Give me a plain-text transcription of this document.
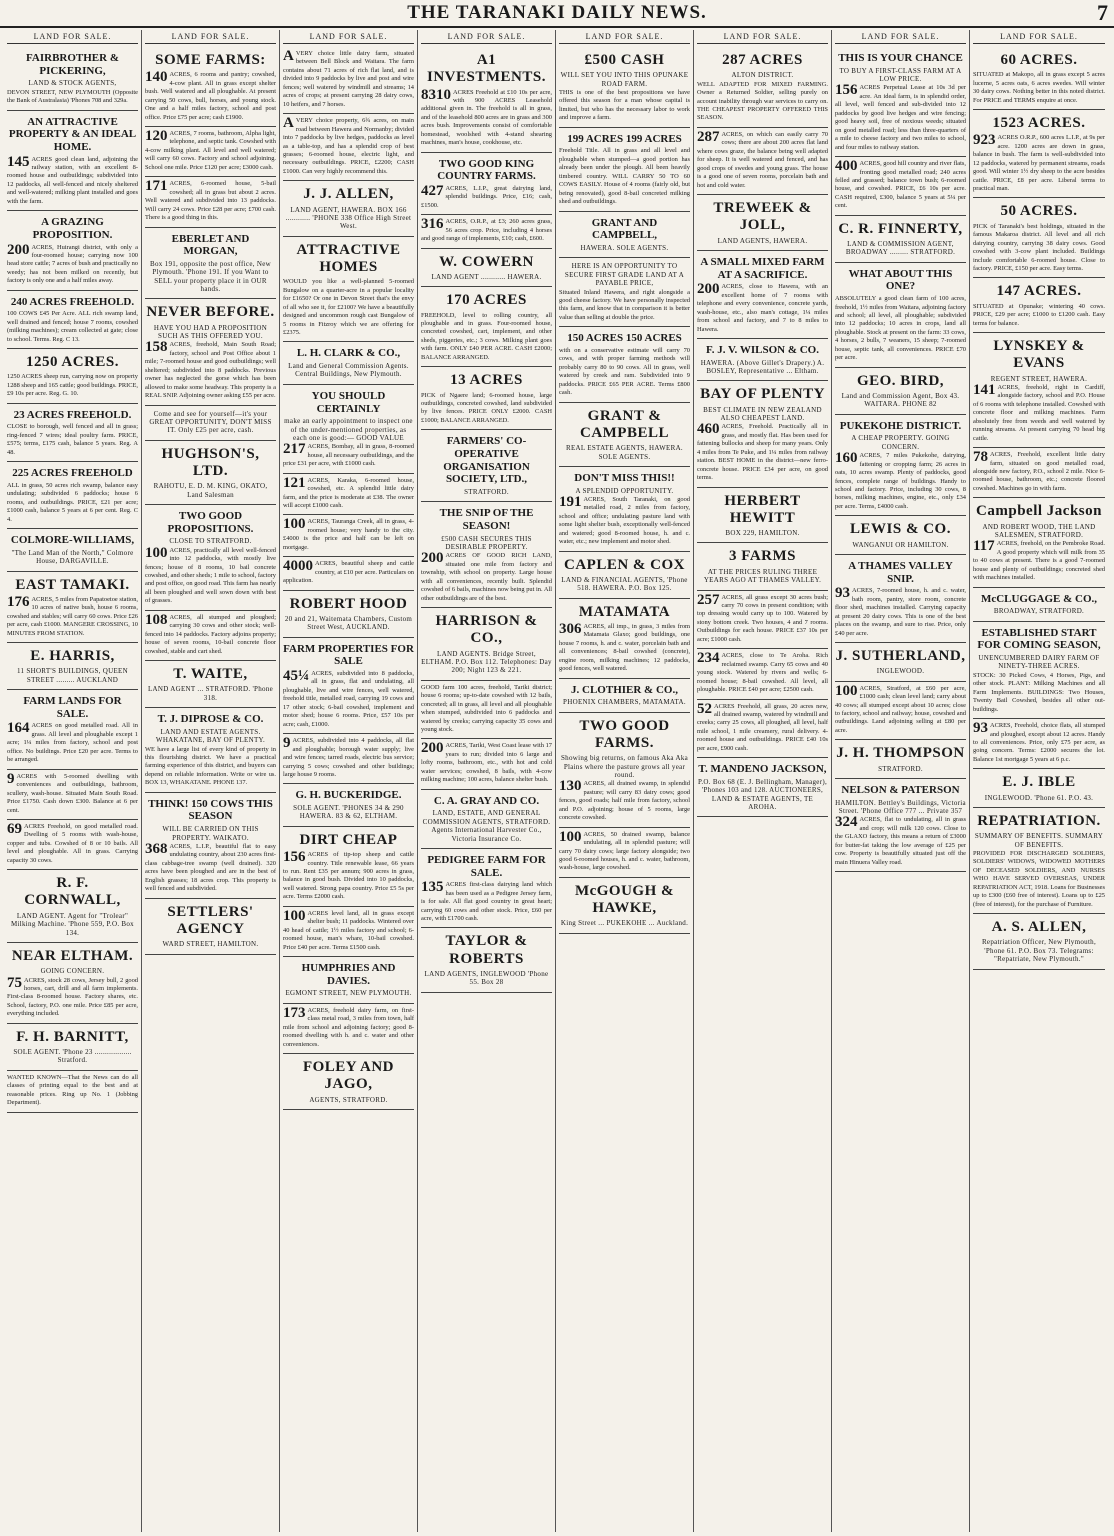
THE TARANAKI DAILY NEWS.	7
LAND FOR SALE.
FAIRBROTHER & PICKERING,
LAND & STOCK AGENTS,

DEVON STREET, NEW PLYMOUTH (Opposite the Bank of Australasia) 'Phones 708 and 329a.

AN ATTRACTIVE PROPERTY & AN IDEAL HOME.

145 ACRES good clean land, adjoining the railway station, with an excellent 8-roomed house and outbuildings; subdivided into 12 paddocks, all well-fenced and nicely sheltered and well-watered; milking plant installed and goes with the farm.

A GRAZING PROPOSITION.

200 ACRES, Huirangi district, with only a four-roomed house; carrying now 100 head store cattle; 7 acres of bush and practically no weedy; has not been milked on recently, but factory is only one and a half miles away.

240 ACRES FREEHOLD.

100 COWS £45 Per Acre. ALL rich swamp land, well drained and fenced; house 7 rooms, cowshed (milking machines); cream collected at gate; close to school. Terms. Reg. C 13.

1250 ACRES.

1250 ACRES sheep run, carrying now on property 1288 sheep and 165 cattle; good buildings. PRICE, £9 10s per acre. Reg. G. 10.

23 ACRES FREEHOLD.

CLOSE to borough, well fenced and all in grass; ring-fenced 7 wires; ideal poultry farm. PRICE, £575; terms, £175 cash, balance 5 years. Reg. A 48.

225 ACRES FREEHOLD

ALL in grass, 50 acres rich swamp, balance easy undulating; subdivided 6 paddocks; house 6 rooms, and outbuildings. PRICE, £21 per acre; £1000 cash, balance 5 years at 6 per cent. Reg. C 4.

COLMORE-WILLIAMS,
"The Land Man of the North," Colmore House, DARGAVILLE.
EAST TAMAKI.

176 ACRES, 5 miles from Papatoetoe station, 10 acres of native bush, house 6 rooms, cowshed and stables; will carry 60 cows. Price £26 per acre, cash £1000. MANGERE CROSSING, 10 MINUTES FROM STATION.

E. HARRIS,
11 SHORT'S BUILDINGS, QUEEN STREET ......... AUCKLAND
FARM LANDS FOR SALE.

164 ACRES on good metalled road. All in grass. All level and ploughable except 1 acre; 1¼ miles from factory, school and post office. No buildings. Price £20 per acre. Terms to be arranged.

9 ACRES with 5-roomed dwelling with conveniences and outbuildings, bathroom, scullery, wash-house. Situated Main South Road. Price £1750. Cash down £300. Balance at 6 per cent.

69 ACRES Freehold, on good metalled road. Dwelling of 5 rooms with wash-house, copper and tubs. Cowshed of 8 or 10 bails. All level and ploughable. All in grass. Carrying capacity 30 cows.

R. F. CORNWALL,
LAND AGENT. Agent for "Trolear" Milking Machine. 'Phone 559, P.O. Box 134.
NEAR ELTHAM.
GOING CONCERN.

75 ACRES, stock 28 cows, Jersey bull, 2 good horses, cart, drill and all farm implements. First-class 8-roomed house. Factory shares, etc. School, factory, P.O. one mile. Price £85 per acre, everything included.

F. H. BARNITT,
SOLE AGENT. 'Phone 23 .................. Stratford.

WANTED KNOWN—That the News can do all classes of printing equal to the best and at reasonable prices. Ring up No. 1 (Jobbing Department).

LAND FOR SALE.
SOME FARMS:

140 ACRES, 6 rooms and pantry; cowshed, 4-cow plant. All in grass except shelter bush. Well watered and all ploughable. At present carrying 50 cows, bull, horses, and young stock. One and a half miles factory, school and post office. Price £75 per acre; cash £1900.

120 ACRES, 7 rooms, bathroom, Alpha light, telephone, and septic tank. Cowshed with 4-cow milking plant. All level and well watered; will carry 60 cows. Factory and school adjoining. School one mile. Price £120 per acre; £3000 cash.

171 ACRES, 6-roomed house, 5-bail cowshed; all in grass but about 2 acres. Well watered and subdivided into 13 paddocks. Will carry 24 cows. Price £28 per acre; £700 cash. There is a good thing in this.

EBERLET AND MORGAN,
Box 191, opposite the post office, New Plymouth. 'Phone 191. If you Want to SELL your property place it in OUR hands.
NEVER BEFORE.
HAVE YOU HAD A PROPOSITION SUCH AS THIS OFFERED YOU.

158 ACRES, freehold, Main South Road; factory, school and Post Office about 1 mile; 7-roomed house and good outbuildings; well sheltered; subdivided into 8 paddocks. Previous owner has neglected the gorse which has been allowed to make some headway. This property is a REAL SNIP. Adjoining owner asking £55 per acre.

Come and see for yourself—it's your GREAT OPPORTUNITY, DON'T MISS IT. Only £25 per acre, cash.
HUGHSON'S, LTD.
RAHOTU, E. D. M. KING, OKATO, Land Salesman
TWO GOOD PROPOSITIONS.
CLOSE TO STRATFORD.

100 ACRES, practically all level well-fenced into 12 paddocks, with mostly live fences; house of 8 rooms, 10 bail concrete cowshed, and other sheds; 1 mile to school, factory and post office, on good road. This farm has nearly all been ploughed and well sown down with best of grasses.

108 ACRES, all stumped and ploughed; carrying 30 cows and other stock; well-fenced into 14 paddocks. Factory adjoins property; house of seven rooms, 10-bail concrete floor cowshed, stable and cart shed.

T. WAITE,
LAND AGENT ... STRATFORD. 'Phone 318.
T. J. DIPROSE & CO.
LAND AND ESTATE AGENTS. WHAKATANE, BAY OF PLENTY.

WE have a large list of every kind of property in this flourishing district. We have a practical farming experience of this district, and buyers can depend on reliable information. Write or wire us. BOX 13, WHAKATANE. PHONE 137.

THINK! 150 COWS THIS SEASON
WILL BE CARRIED ON THIS PROPERTY. WAIKATO.

368 ACRES, L.I.P., beautiful flat to easy undulating country, about 230 acres first-class cabbage-tree swamp (well drained). 320 acres have been ploughed and are in the best of English grasses; 18 acres crop. This property is well fenced and subdivided.

SETTLERS' AGENCY
WARD STREET, HAMILTON.
LAND FOR SALE.

AVERY choice little dairy farm, situated between Bell Block and Waitara. The farm contains about 71 acres of rich flat land, and is divided into 9 paddocks by live and post and wire fences; well watered by windmill and streams; 14 acres of crops; at present carrying 28 dairy cows, 10 heifers, and 7 horses.

AVERY choice property, 6¾ acres, on main road between Hawera and Normanby; divided into 7 paddocks by live hedges, paddocks as level as a table-top, and has a splendid crop of best grasses; 6-roomed house, electric light, and necessary outbuildings. PRICE, £2200; CASH £1000. Can very highly recommend this.

J. J. ALLEN,
LAND AGENT, HAWERA. BOX 166 ............ 'PHONE 338 Office High Street West.
ATTRACTIVE HOMES

WOULD you like a well-planned 5-roomed Bungalow on a quarter-acre in a popular locality for £1650? Or one in Devon Street that's the envy of all who see it, for £2100? We have a beautifully designed and uncommon rough cast Bungalow of 5 rooms in Fitzroy which we are offering for £2375.

L. H. CLARK & CO.,
Land and General Commission Agents. Central Buildings, New Plymouth.
YOU SHOULD CERTAINLY
make an early appointment to inspect one of the under-mentioned properties, as each one is good:— GOOD VALUE

217 ACRES, Bombay, all in grass, 8-roomed house, all necessary outbuildings, and the price £31 per acre, with £1000 cash.

121 ACRES, Karaka, 6-roomed house, cowshed, etc. A splendid little dairy farm, and the price is moderate at £38. The owner will accept £1000 cash.

100 ACRES, Tauranga Creek, all in grass, 4-roomed house; very handy to the city. £4000 is the price and half can be left on mortgage.

4000 ACRES, beautiful sheep and cattle country, at £10 per acre. Particulars on application.

ROBERT HOOD
20 and 21, Waitemata Chambers, Custom Street West, AUCKLAND.
FARM PROPERTIES FOR SALE

45¼ ACRES, subdivided into 8 paddocks, all in grass, flat and undulating, all ploughable, live and wire fences, well watered, freehold title, metalled road, carrying 19 cows and 17 other stock; 6-bail cowshed, implement and motor shed; house 6 rooms. Price, £57 10s per acre; cash, £1000.

9 ACRES, subdivided into 4 paddocks, all flat and ploughable; borough water supply; live and wire fences; tarred roads, electric bus service; carrying 5 cows; cowshed and other buildings; large house 9 rooms.

G. H. BUCKERIDGE.
SOLE AGENT. 'PHONES 34 & 290 HAWERA. 83 & 62, ELTHAM.
DIRT CHEAP

156 ACRES of tip-top sheep and cattle country. Title renewable lease, 66 years to run. Rent £35 per annum; 900 acres in grass, balance in good bush. Divided into 10 paddocks, well watered. Strong papa country. Price £5 5s per acre. Terms £2000 cash.

100 ACRES level land, all in grass except shelter bush; 11 paddocks. Wintered over 40 head of cattle; 1½ miles factory and school; 6-roomed house, man's whare, 10-bail cowshed. Price £40 per acre. Terms £1500 cash.

HUMPHRIES AND DAVIES.
EGMONT STREET, NEW PLYMOUTH.

173 ACRES, freehold dairy farm, on first-class metal road, 3 miles from town, half mile from school and adjoining factory; good 8-roomed dwelling with h. and c. water and other conveniences.

FOLEY AND JAGO,
AGENTS, STRATFORD.
LAND FOR SALE.
A1 INVESTMENTS.

8310 ACRES Freehold at £10 10s per acre, with 900 ACRES Leasehold additional given in. The freehold is all in grass, and of the leasehold 800 acres are in grass and 300 acres bush. Improvements consist of comfortable homestead, woolshed with 4-stand shearing machines, man's house, cookhouse, etc.

TWO GOOD KING COUNTRY FARMS.

427 ACRES, L.I.P., great dairying land, splendid buildings. Price, £16; cash, £1500.

316 ACRES, O.R.P., at £3; 260 acres grass, 56 acres crop. Price, including 4 horses and good range of implements, £10; cash, £600.

W. COWERN
LAND AGENT ............ HAWERA.
170 ACRES

FREEHOLD, level to rolling country, all ploughable and in grass. Four-roomed house, concreted cowshed, cart, implement, and other sheds, piggeries, etc.; 3 cows. Milking plant goes with farm. ONLY £40 PER ACRE. CASH £2000; BALANCE ARRANGED.

13 ACRES

PICK of Ngaere land; 6-roomed house, large outbuildings, concreted cowshed, land subdivided by live fences. PRICE ONLY £2000. CASH £1000; BALANCE ARRANGED.

FARMERS' CO-OPERATIVE ORGANISATION SOCIETY, LTD.,
STRATFORD.
THE SNIP OF THE SEASON!
£500 CASH SECURES THIS DESIRABLE PROPERTY.

200 ACRES OF GOOD RICH LAND, situated one mile from factory and township, with school on property. Large house with all conveniences, recently built. Splendid cowshed of 6 bails, machines now being put in. All other outbuildings are of the best.

HARRISON & CO.,
LAND AGENTS. Bridge Street, ELTHAM. P.O. Box 112. Telephones: Day 200; Night 123 & 221.

GOOD farm 100 acres, freehold, Tariki district; house 6 rooms; up-to-date cowshed with 12 bails, concreted; all in grass, all level and all ploughable when stumped, subdivided into 6 paddocks and watered by creeks; carrying capacity 35 cows and young stock.

200 ACRES, Tariki, West Coast lease with 17 years to run; divided into 6 large and lofty rooms, bathroom, etc., with hot and cold water services; cowshed, 8 bails, with 4-cow milking machine; 100 acres, balance shelter bush.

C. A. GRAY AND CO.
LAND, ESTATE, AND GENERAL COMMISSION AGENTS, STRATFORD. Agents International Harvester Co., Victoria Insurance Co.
PEDIGREE FARM FOR SALE.

135 ACRES first-class dairying land which has been used as a Pedigree Jersey farm, is for sale. All flat good country in great heart; carrying 60 cows and other stock. Price, £60 per acre, with £1700 cash.

TAYLOR & ROBERTS
LAND AGENTS, INGLEWOOD 'Phone 55. Box 28
LAND FOR SALE.
£500 CASH
WILL SET YOU INTO THIS OPUNAKE ROAD FARM.

THIS is one of the best propositions we have offered this season for a man whose capital is limited, but who has the necessary labor to work and improve a farm.

199 ACRES 199 ACRES

Freehold Title. All in grass and all level and ploughable when stumped—a good portion has already been under the plough. All been heavily timbered country. WILL CARRY 50 TO 60 COWS EASILY. House of 4 rooms (fairly old, but being renovated), good 8-bail concreted milking shed and outbuildings.

GRANT AND CAMPBELL,
HAWERA. SOLE AGENTS.
HERE IS AN OPPORTUNITY TO SECURE FIRST GRADE LAND AT A PAYABLE PRICE,

Situated Inland Hawera, and right alongside a good cheese factory. We have personally inspected this farm, and know that in comparison it is better value than selling at double the price.

150 ACRES 150 ACRES

with on a conservative estimate will carry 70 cows, and with proper farming methods will probably carry 80 to 90 cows. All in grass, well watered by creek and ram. Subdivided into 9 paddocks. PRICE £65 PER ACRE. Terms £800 cash.

GRANT & CAMPBELL
REAL ESTATE AGENTS, HAWERA. SOLE AGENTS.
DON'T MISS THIS!!
A SPLENDID OPPORTUNITY.

191 ACRES, South Taranaki, on good metalled road, 2 miles from factory, school and office; undulating pasture land with some light shelter bush, exceptionally well-fenced and watered; good 8-roomed house, h. and c. water, etc.; new implement and motor shed.

CAPLEN & COX
LAND & FINANCIAL AGENTS, 'Phone 518. HAWERA. P.O. Box 125.
MATAMATA

306 ACRES, all imp., in grass, 3 miles from Matamata Glaxo; good buildings, one house 7 rooms, h. and c. water, porcelain bath and all conveniences; 8-bail cowshed (concrete), engine room, milking machines; 12 paddocks, good fences, well watered.

J. CLOTHIER & CO.,
PHOENIX CHAMBERS, MATAMATA.
TWO GOOD FARMS.
Showing big returns, on famous Aka Aka Plains where the pasture grows all year round.

130 ACRES, all drained swamp, in splendid pasture; will carry 83 dairy cows; good fences, good roads; half mile from factory, school and P.O. adjoining; house of 5 rooms, large concrete cowshed.

100 ACRES, 50 drained swamp, balance undulating, all in splendid pasture; will carry 70 dairy cows; large factory alongside; two good 6-roomed houses, h. and c. water, bathroom, wash-house, large cowshed.

McGOUGH & HAWKE,
King Street ... PUKEKOHE ... Auckland.
LAND FOR SALE.
287 ACRES
ALTON DISTRICT.

WELL ADAPTED FOR MIXED FARMING. Owner a Returned Soldier, selling purely on account inability through war services to carry on. THE CHEAPEST PROPERTY OFFERED THIS SEASON.

287 ACRES, on which can easily carry 70 cows; there are about 200 acres flat land where cows graze, the balance being well adapted for sheep. It is well watered and fenced, and has good crops of swedes and young grass. The house is a good one of seven rooms, porcelain bath and hot and cold water.

TREWEEK & JOLL,
LAND AGENTS, HAWERA.
A SMALL MIXED FARM AT A SACRIFICE.

200 ACRES, close to Hawera, with an excellent home of 7 rooms with telephone and every convenience, concrete yards, wash-house, etc., also man's cottage, 1¼ miles from school and factory, and 7 to 8 miles to Hawera.

F. J. V. WILSON & CO.
HAWERA. (Above Gillet's Drapery.) A. BOSLEY, Representative ... Eltham.
BAY OF PLENTY
BEST CLIMATE IN NEW ZEALAND ALSO CHEAPEST LAND.

460 ACRES, Freehold. Practically all in grass, and mostly flat. Has been used for fattening bullocks and sheep for many years. Only 4 miles from Te Puke, and 1¼ miles from railway station. BEST HOME in the district—new ferro-concrete house. PRICE £34 per acre, on good terms.

HERBERT HEWITT
BOX 229, HAMILTON.
3 FARMS
AT THE PRICES RULING THREE YEARS AGO AT THAMES VALLEY.

257 ACRES, all grass except 30 acres bush; carry 70 cows in present condition; with top dressing would carry up to 100. Watered by stony bottom creek. Two houses, 4 and 7 rooms. Outbuildings for each house. PRICE £37 10s per acre; £1000 cash.

234 ACRES, close to Te Aroha. Rich reclaimed swamp. Carry 65 cows and 40 young stock. Watered by rivers and wells; 6-roomed house; 8-bail cowshed. All level, all ploughable. PRICE £40 per acre; £2500 cash.

52 ACRES Freehold, all grass, 20 acres new, all drained swamp, watered by windmill and creeks; carry 25 cows, all ploughed, all level, half mile school, 1 mile creamery, rural delivery. 4-roomed house and outbuildings. PRICE £40 10s per acre, £900 cash.

T. MANDENO JACKSON,
P.O. Box 68 (E. J. Bellingham, Manager), 'Phones 103 and 128. AUCTIONEERS, LAND & ESTATE AGENTS, TE AROHA.
LAND FOR SALE.
THIS IS YOUR CHANCE
TO BUY A FIRST-CLASS FARM AT A LOW PRICE.

156 ACRES Perpetual Lease at 10s 3d per acre. An ideal farm, is in splendid order, all level, well fenced and sub-divided into 12 paddocks by good live hedges and wire fencing; good heavy soil, free of noxious weeds; situated on good metalled road; less than three-quarters of a mile to cheese factory and two miles to school, and four miles to railway station.

400 ACRES, good hill country and river flats, fronting good metalled road; 240 acres felled and grassed; balance town bush; 6-roomed house, and cowshed. PRICE, £6 10s per acre. CASH required, £300, balance 5 years at 5¼ per cent.

C. R. FINNERTY,
LAND & COMMISSION AGENT, BROADWAY ......... STRATFORD.
WHAT ABOUT THIS ONE?

ABSOLUTELY a good clean farm of 100 acres, freehold, 1½ miles from Waitara, adjoining factory and school; all level, all ploughable; subdivided into 12 paddocks; 10 acres in crops, land all ploughable. Stock at present on the farm: 33 cows, 4 horses, 2 bulls, 7 weaners, 15 sheep; 7-roomed house, septic tank, all conveniences. PRICE £70 per acre.

GEO. BIRD,
Land and Commission Agent, Box 43. WAITARA. PHONE 82
PUKEKOHE DISTRICT.
A CHEAP PROPERTY. GOING CONCERN.

160 ACRES, 7 miles Pukekohe, dairying, fattening or cropping farm; 26 acres in oats, 10 acres swamp. Plenty of paddocks, good fences, complete range of buildings. Handy to school and factory. Price, including 30 cows, 8 horses, milking machines, engine, etc., only £34 per acre. Terms, £4000 cash.

LEWIS & CO.
WANGANUI OR HAMILTON.
A THAMES VALLEY SNIP.

93 ACRES, 7-roomed house, h. and c. water, bath room, pantry, store room, concrete floor shed, machines installed. Carrying capacity at present 20 dairy cows. This is one of the best places on the swamp, and sure to rise. Price, only £40 per acre.

J. SUTHERLAND,
INGLEWOOD.

100 ACRES, Stratford, at £60 per acre, £1000 cash; clean level land; carry about 40 cows; all stumped except about 10 acres; close to factory, school and railway; house, cowshed and outbuildings. Land adjoining selling at £80 per acre.

J. H. THOMPSON
STRATFORD.
NELSON & PATERSON
HAMILTON. Bettley's Buildings, Victoria Street. 'Phone Office 777 ... Private 357

324 ACRES, flat to undulating, all in grass and crop; will milk 120 cows. Close to the GLAXO factory, this means a return of £3000 for butter-fat taking the low average of £25 per cow. Property is beautifully situated just off the main Hinuera Valley road.

LAND FOR SALE.
60 ACRES.

SITUATED at Makopo, all in grass except 5 acres lucerne, 5 acres oats, 6 acres swedes. Will winter 30 dairy cows. Nothing better in this noted district. For PRICE and TERMS enquire at once.

1523 ACRES.

923 ACRES O.R.P., 600 acres L.I.P., at 9s per acre. 1200 acres are down in grass, balance in bush. The farm is well-subdivided into 12 paddocks, watered by permanent streams, roads good. Will winter 1½ dry sheep to the acre besides cattle. PRICE, £8 per acre. Liberal terms to practical man.

50 ACRES.

PICK of Taranaki's best holdings, situated in the famous Makaroa district. All level and all rich dairying country, carrying 38 dairy cows. Good cowshed with 3-cow plant included. Buildings include comfortable 6-roomed house. Close to factory. PRICE, £150 per acre. Easy terms.

147 ACRES.

SITUATED at Opunake; wintering 40 cows. PRICE, £29 per acre; £1000 to £1200 cash. Easy terms for balance.

LYNSKEY & EVANS
REGENT STREET, HAWERA.

141 ACRES, freehold, right in Cardiff, alongside factory, school and P.O. House of 6 rooms with telephone installed. Cowshed with concrete floor and milking machines. Farm absolutely free from weeds and well watered by running streams. At present carrying 70 head big cattle.

78 ACRES, Freehold, excellent little dairy farm, situated on good metalled road, alongside new factory, P.O., school 2 mile. Nice 6-roomed house, bathroom, etc.; concrete floored cowshed. Machines go in with farm.

Campbell Jackson
AND ROBERT WOOD, THE LAND SALESMEN, STRATFORD.

117 ACRES, freehold, on the Pembroke Road. A good property which will milk from 35 to 40 cows at present. There is a good 7-roomed house and plenty of outbuildings; concreted shed with machines installed.

McCLUGGAGE & CO.,
BROADWAY, STRATFORD.
ESTABLISHED START FOR COMING SEASON,
UNENCUMBERED DAIRY FARM OF NINETY-THREE ACRES.

STOCK: 30 Picked Cows, 4 Horses, Pigs, and other stock. PLANT: Milking Machines and all Farm Implements. BUILDINGS: Two Houses, Twenty Bail Cowshed, besides all other out-buildings.

93 ACRES, Freehold, choice flats, all stumped and ploughed, except about 12 acres. Handy to all conveniences. Price, only £75 per acre, as going concern. Terms: £2000 secures the lot. Balance 1st mortgage 5 years at 6 p.c.

E. J. IBLE
INGLEWOOD. 'Phone 61. P.O. 43.
REPATRIATION.
SUMMARY OF BENEFITS. SUMMARY OF BENEFITS.

PROVIDED FOR DISCHARGED SOLDIERS, SOLDIERS' WIDOWS, WIDOWED MOTHERS OF DECEASED SOLDIERS, AND NURSES WHO HAVE SERVED OVERSEAS, UNDER REPATRIATION ACT, 1918. Loans for Businesses up to £300 (£60 free of interest). Loans up to £25 (free of interest), for the purchase of Furniture.

A. S. ALLEN,
Repatriation Officer, New Plymouth, 'Phone 61. P.O. Box 73. Telegrams: "Repatriate, New Plymouth."
